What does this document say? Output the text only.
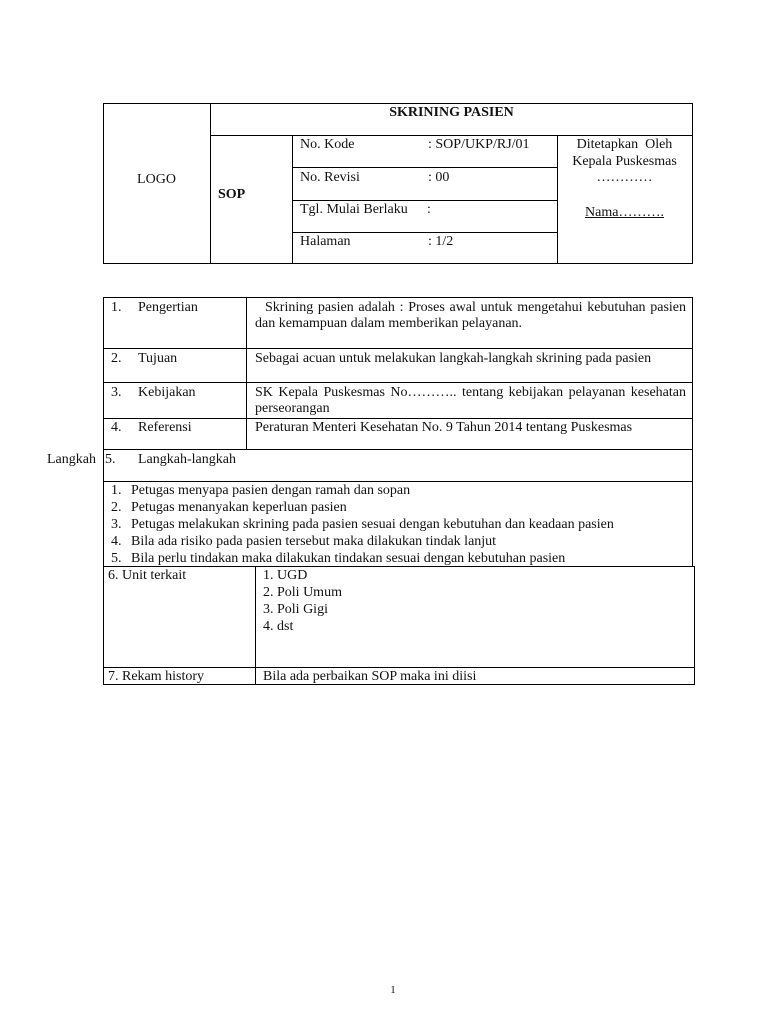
LOGO
SKRINING PASIEN
SOP
No. Kode	: SOP/UKP/RJ/01
No. Revisi	: 00
Tgl. Mulai Berlaku :
Halaman	: 1/2
Ditetapkan  Oleh
Kepala Puskesmas
…………
Nama……….
1. Pengertian	Skrining pasien adalah : Proses awal untuk mengetahui kebutuhan pasien dan kemampuan dalam memberikan pelayanan.
2. Tujuan	Sebagai acuan untuk melakukan langkah-langkah skrining pada pasien
3. Kebijakan	SK Kepala Puskesmas No……….. tentang kebijakan pelayanan kesehatan perseorangan
4. Referensi	Peraturan Menteri Kesehatan No. 9 Tahun 2014 tentang Puskesmas
Langkah 5. Langkah-langkah
1. Petugas menyapa pasien dengan ramah dan sopan
2. Petugas menanyakan keperluan pasien
3. Petugas melakukan skrining pada pasien sesuai dengan kebutuhan dan keadaan pasien
4. Bila ada risiko pada pasien tersebut maka dilakukan tindak lanjut
5. Bila perlu tindakan maka dilakukan tindakan sesuai dengan kebutuhan pasien
6. Unit terkait	1. UGD
2. Poli Umum
3. Poli Gigi
4. dst
7. Rekam history	Bila ada perbaikan SOP maka ini diisi
1
